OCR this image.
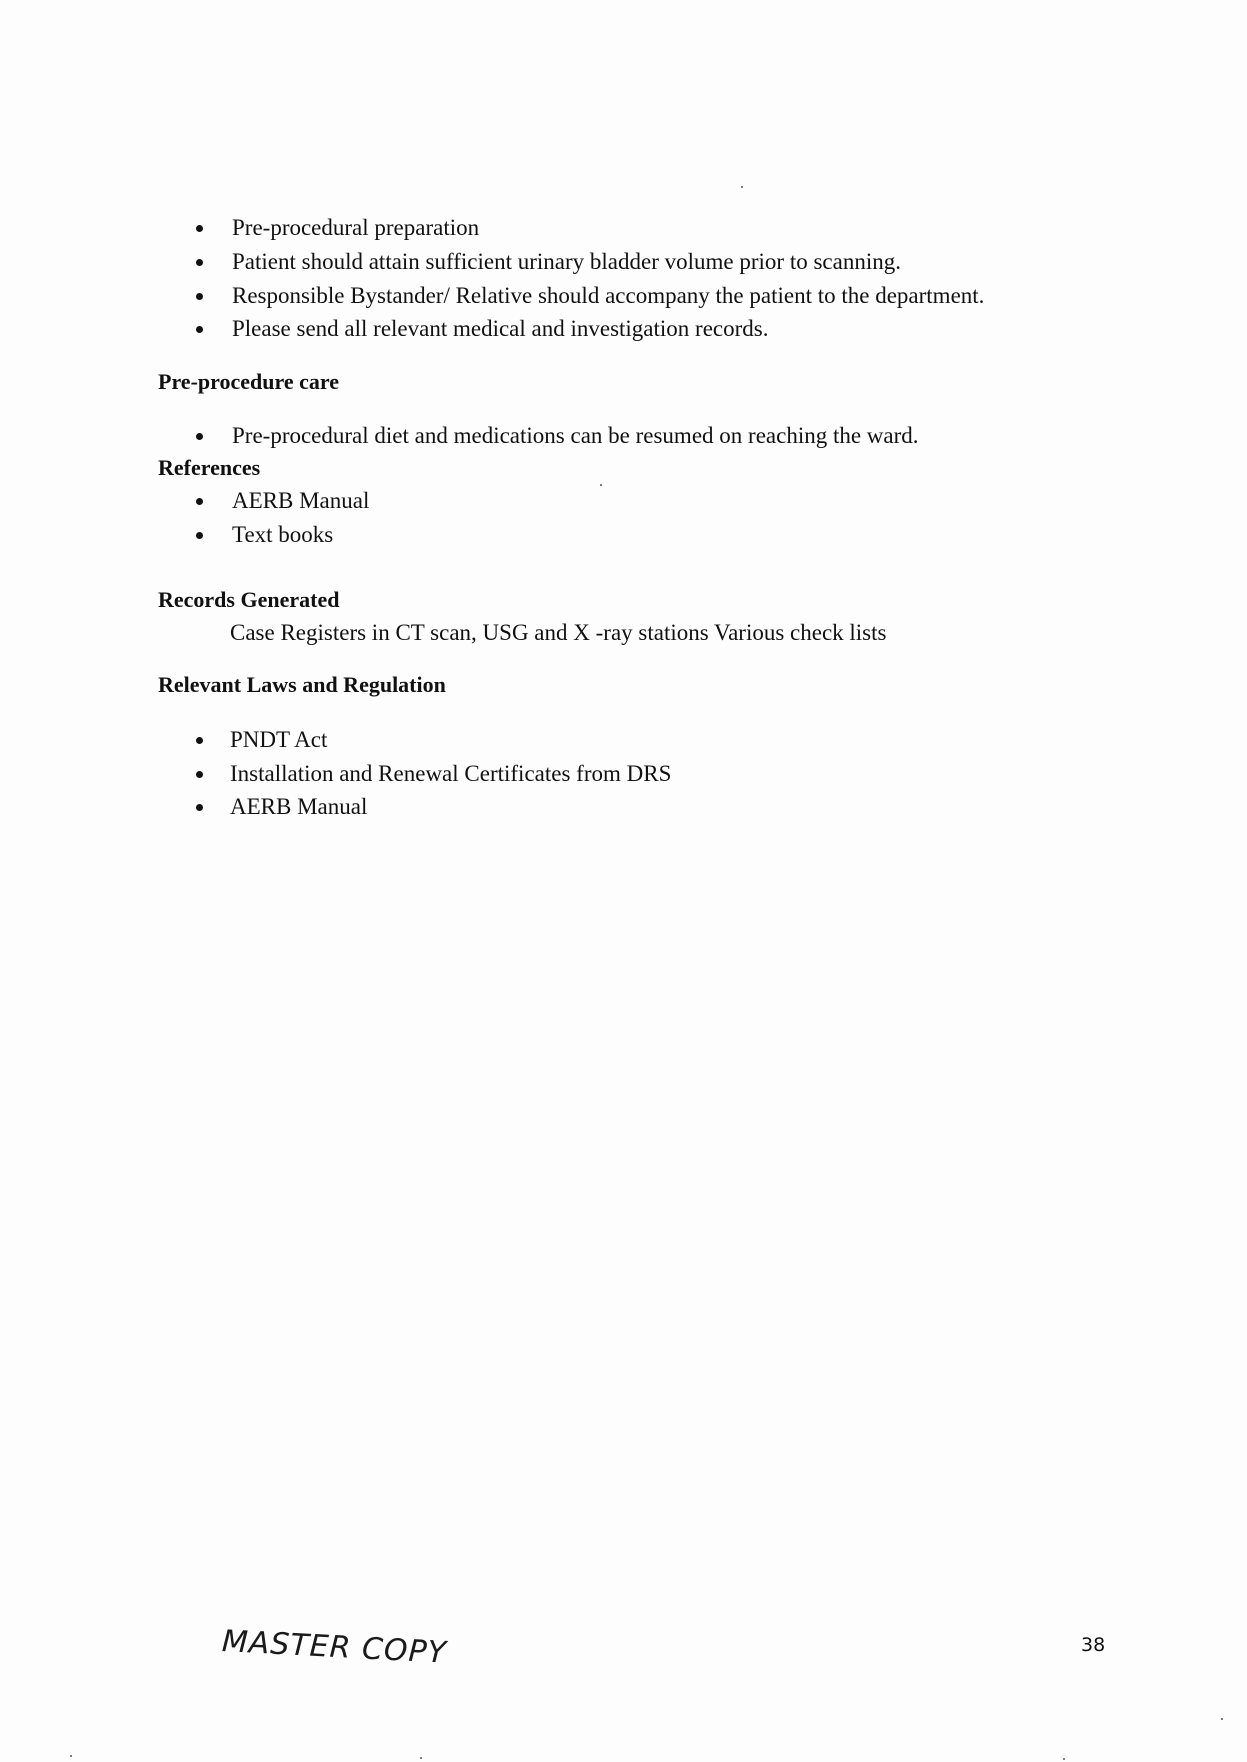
Pre-procedural preparation
Patient should attain sufficient urinary bladder volume prior to scanning.
Responsible Bystander/ Relative should accompany the patient to the department.
Please send all relevant medical and investigation records.
Pre-procedure care
Pre-procedural diet and medications can be resumed on reaching the ward.
References
AERB Manual
Text books
Records Generated
Case Registers in CT scan, USG and X -ray stations Various check lists
Relevant Laws and Regulation
PNDT Act
Installation and Renewal Certificates from DRS
AERB Manual
MASTER COPY	38
